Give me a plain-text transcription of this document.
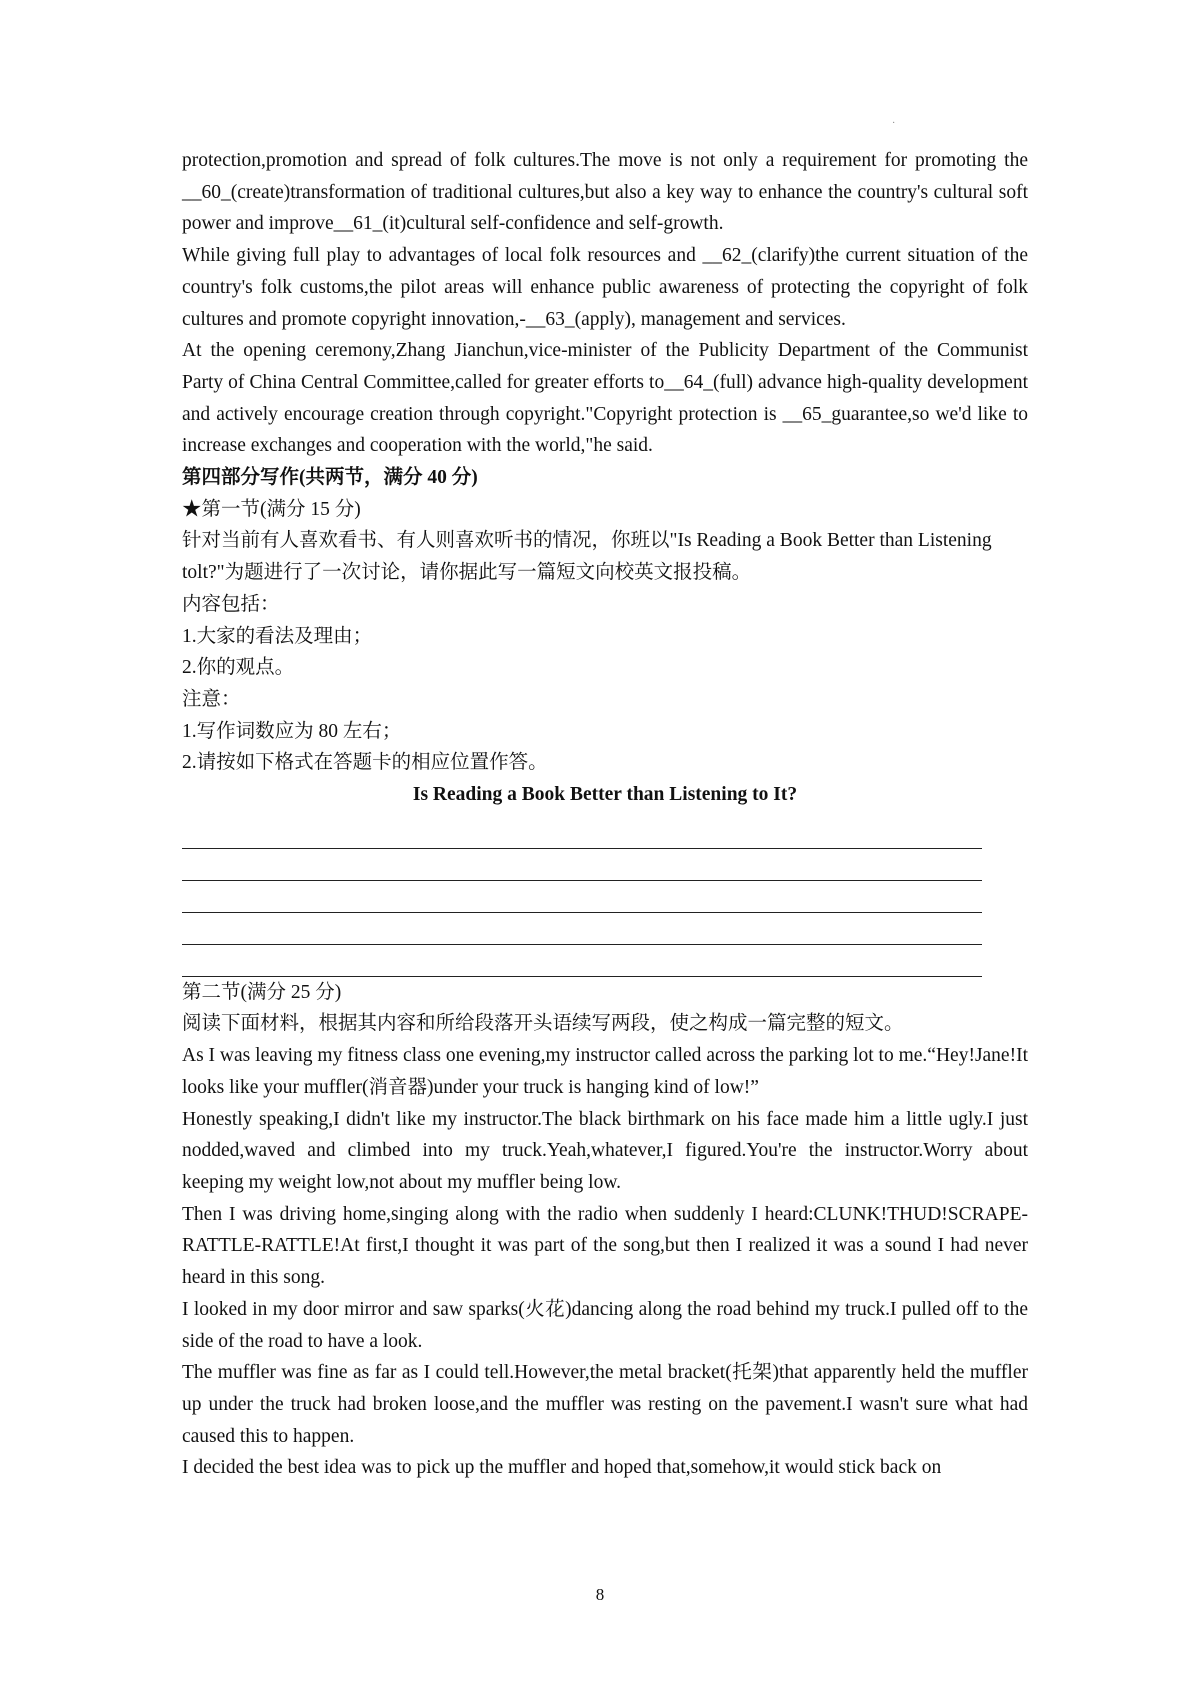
·

protection,promotion and spread of folk cultures.The move is not only a requirement for promoting the __60_(create)transformation of traditional cultures,but also a key way to enhance the country's cultural soft power and improve__61_(it)cultural self-confidence and self-growth.

While giving full play to advantages of local folk resources and __62_(clarify)the current situation of the country's folk customs,the pilot areas will enhance public awareness of protecting the copyright of folk cultures and promote copyright innovation,-__63_(apply), management and services.

At the opening ceremony,Zhang Jianchun,vice-minister of the Publicity Department of the Communist Party of China Central Committee,called for greater efforts to__64_(full) advance high-quality development and actively encourage creation through copyright."Copyright protection is __65_guarantee,so we'd like to increase exchanges and cooperation with the world,"he said.

第四部分写作(共两节，满分 40 分)

★第一节(满分 15 分)

针对当前有人喜欢看书、有人则喜欢听书的情况，你班以"Is Reading a Book Better than Listening tolt?"为题进行了一次讨论，请你据此写一篇短文向校英文报投稿。

内容包括：

1.大家的看法及理由；

2.你的观点。

注意：

1.写作词数应为 80 左右；

2.请按如下格式在答题卡的相应位置作答。

Is Reading a Book Better than Listening to It?

第二节(满分 25 分)

阅读下面材料，根据其内容和所给段落开头语续写两段，使之构成一篇完整的短文。

As I was leaving my fitness class one evening,my instructor called across the parking lot to me.“Hey!Jane!It looks like your muffler(消音器)under your truck is hanging kind of low!”

Honestly speaking,I didn't like my instructor.The black birthmark on his face made him a little ugly.I just nodded,waved and climbed into my truck.Yeah,whatever,I figured.You're the instructor.Worry about keeping my weight low,not about my muffler being low.

Then I was driving home,singing along with the radio when suddenly I heard:CLUNK!THUD!SCRAPE-RATTLE-RATTLE!At first,I thought it was part of the song,but then I realized it was a sound I had never heard in this song.

I looked in my door mirror and saw sparks(火花)dancing along the road behind my truck.I pulled off to the side of the road to have a look.

The muffler was fine as far as I could tell.However,the metal bracket(托架)that apparently held the muffler up under the truck had broken loose,and the muffler was resting on the pavement.I wasn't sure what had caused this to happen.

I decided the best idea was to pick up the muffler and hoped that,somehow,it would stick back on

8
